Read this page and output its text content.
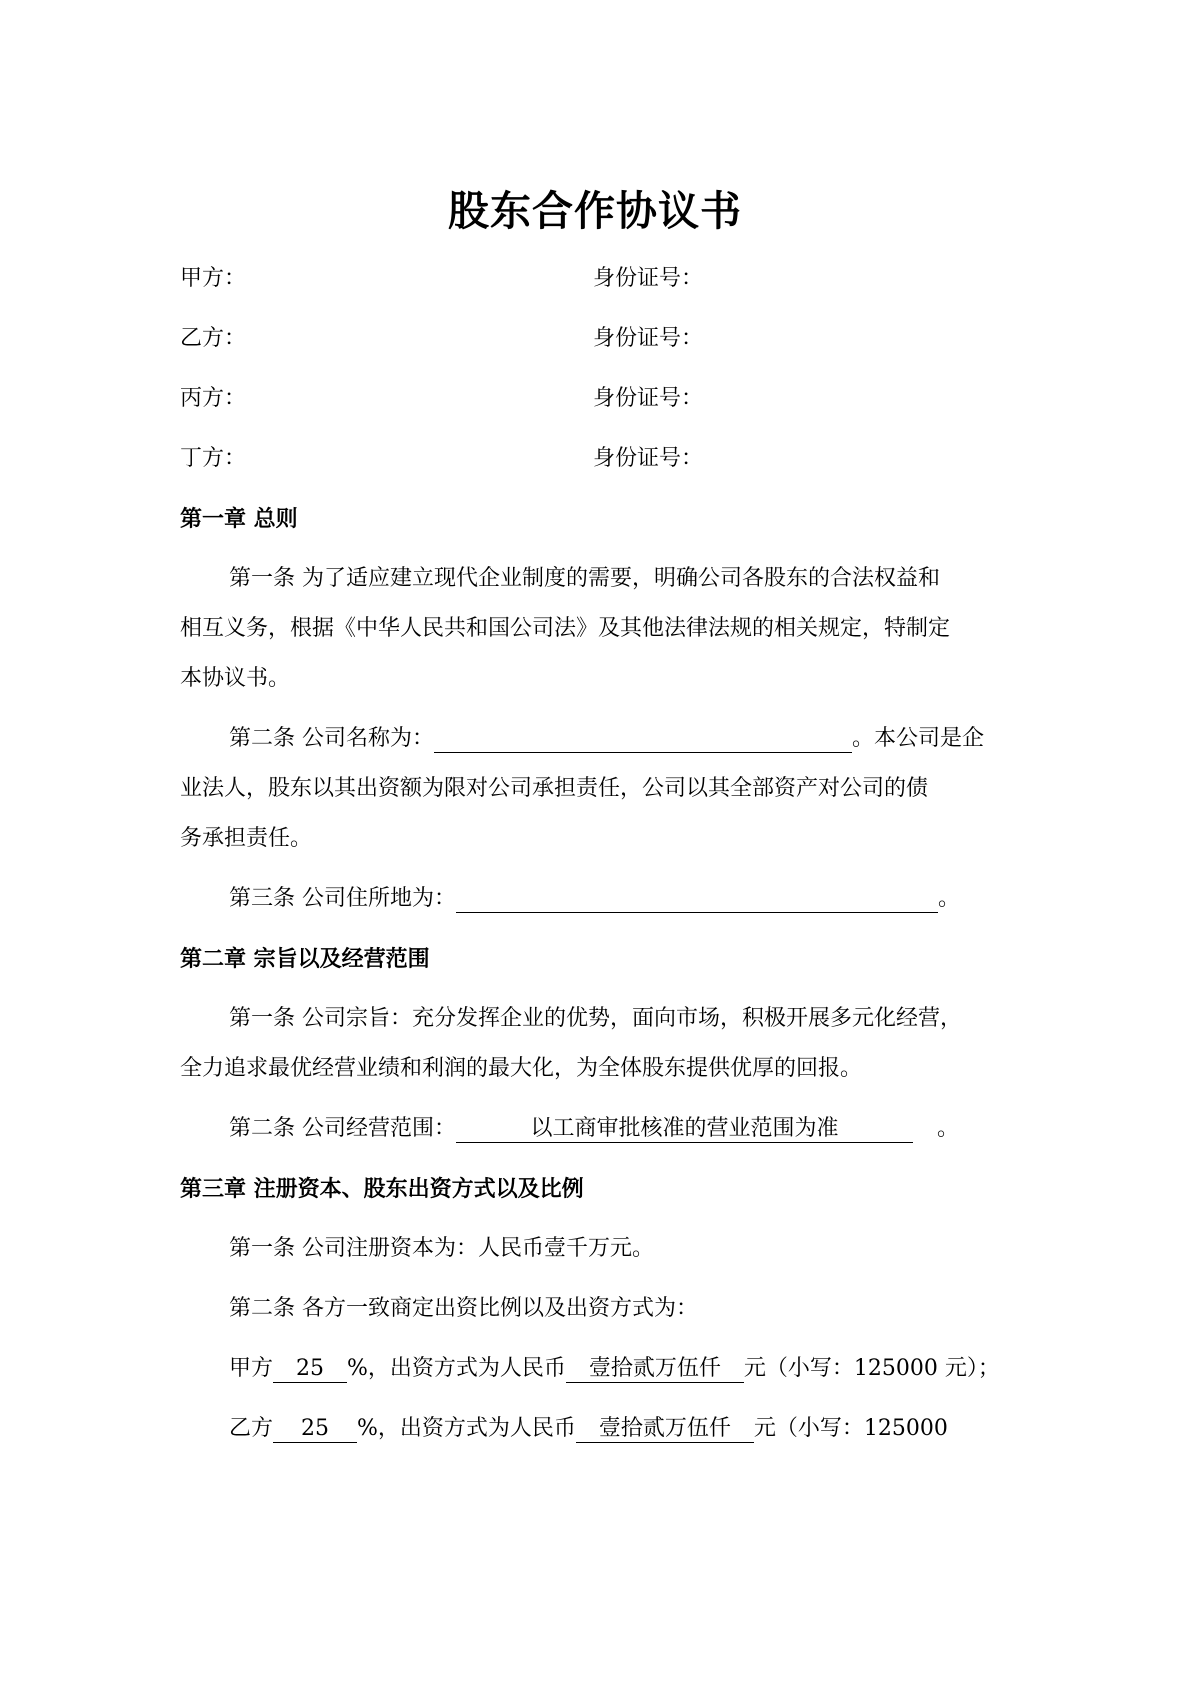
股东合作协议书
甲方：	身份证号：
乙方：	身份证号：
丙方：	身份证号：
丁方：	身份证号：
第一章 总则
第一条 为了适应建立现代企业制度的需要，明确公司各股东的合法权益和
相互义务，根据《中华人民共和国公司法》及其他法律法规的相关规定，特制定
本协议书。
第二条 公司名称为：	。本公司是企
业法人，股东以其出资额为限对公司承担责任，公司以其全部资产对公司的债
务承担责任。
第三条 公司住所地为：	。
第二章 宗旨以及经营范围
第一条 公司宗旨：充分发挥企业的优势，面向市场，积极开展多元化经营，
全力追求最优经营业绩和利润的最大化，为全体股东提供优厚的回报。
第二条 公司经营范围：	以工商审批核准的营业范围为准	。
第三章 注册资本、股东出资方式以及比例
第一条 公司注册资本为：人民币壹千万元。
第二条 各方一致商定出资比例以及出资方式为：
甲方 25 %，出资方式为人民币 壹拾贰万伍仟 元（小写：125000 元）；
乙方 25 %，出资方式为人民币 壹拾贰万伍仟 元（小写：125000
